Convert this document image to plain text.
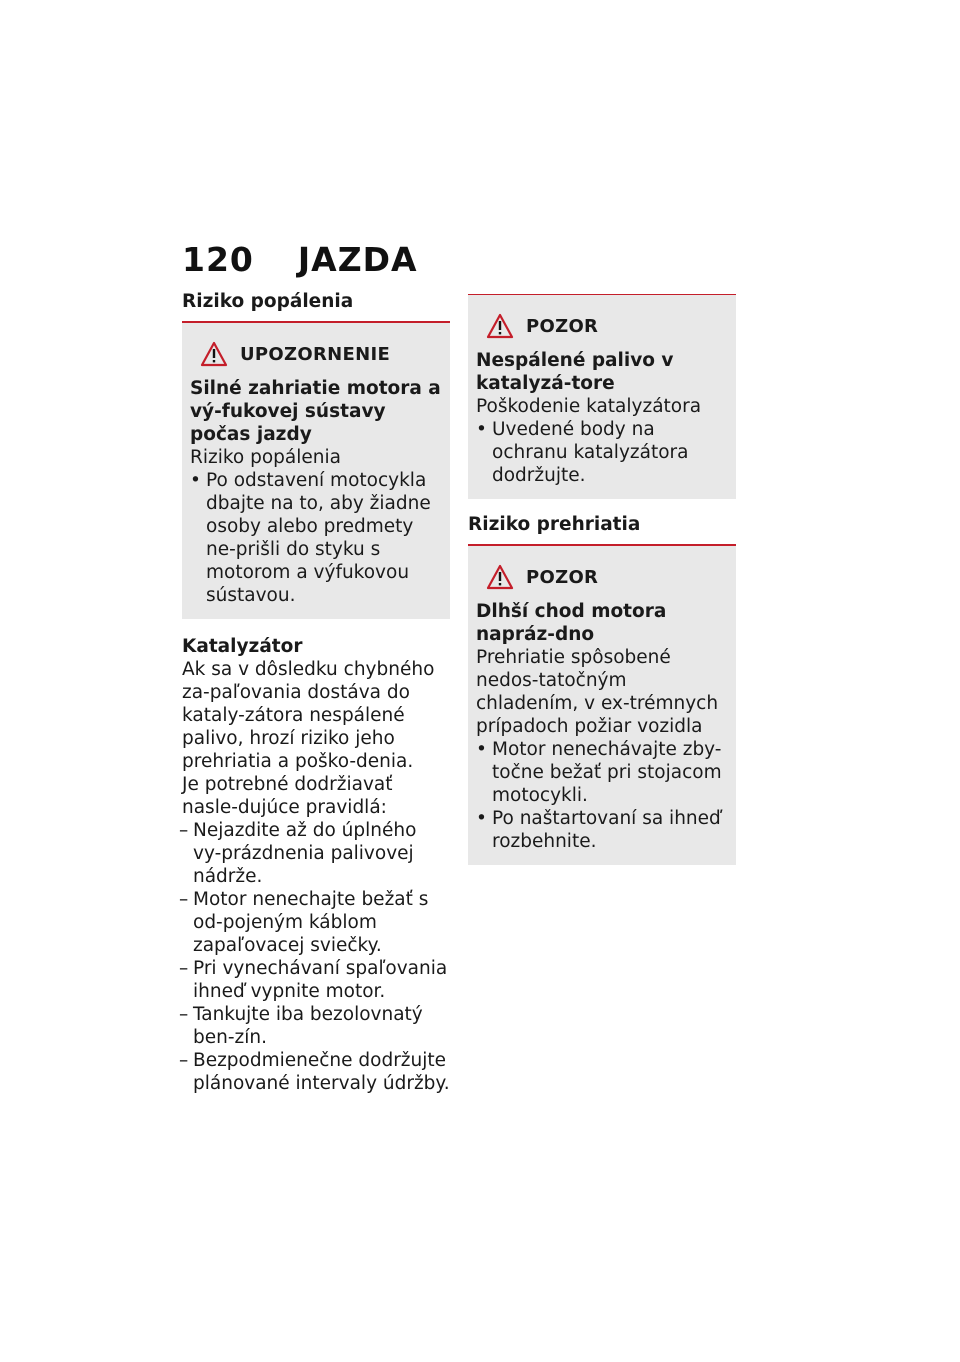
120 JAZDA
Riziko popálenia
UPOZORNENIE

Silné zahriatie motora a vý-fukovej sústavy počas jazdy

Riziko popálenia

• Po odstavení motocykla dbajte na to, aby žiadne osoby alebo predmety ne-prišli do styku s motorom a výfukovou sústavou.

Katalyzátor

Ak sa v dôsledku chybného za-paľovania dostáva do kataly-zátora nespálené palivo, hrozí riziko jeho prehriatia a poško-denia.

Je potrebné dodržiavať nasle-dujúce pravidlá:

– Nejazdite až do úplného vy-prázdnenia palivovej nádrže.
– Motor nenechajte bežať s od-pojeným káblom zapaľovacej sviečky.
– Pri vynechávaní spaľovania ihneď vypnite motor.
– Tankujte iba bezolovnatý ben-zín.
– Bezpodmienečne dodržujte plánované intervaly údržby.
POZOR

Nespálené palivo v katalyzá-tore

Poškodenie katalyzátora

• Uvedené body na ochranu katalyzátora dodržujte.
Riziko prehriatia
POZOR

Dlhší chod motora napráz-dno

Prehriatie spôsobené nedos-tatočným chladením, v ex-trémnych prípadoch požiar vozidla

• Motor nenechávajte zby-točne bežať pri stojacom motocykli.
• Po naštartovaní sa ihneď rozbehnite.
